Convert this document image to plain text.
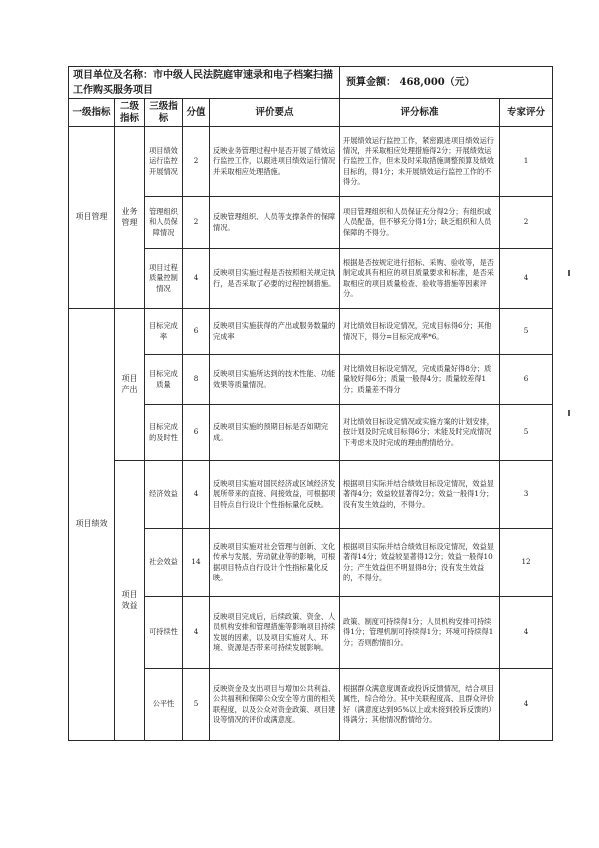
项目单位及名称：市中级人民法院庭审速录和电子档案扫描工作购买服务项目					预算金额： 468,000（元）	
一级指标	二级指标	三级指标	分值	评价要点	评分标准	专家评分
项目管理	业务管理	项目绩效运行监控开展情况	2	反映业务管理过程中是否开展了绩效运行监控工作，以跟进项目绩效运行情况并采取相应处理措施。	开展绩效运行监控工作，紧密跟进项目绩效运行情况，并采取相应处理措施得2分；开展绩效运行监控工作，但未及时采取措施调整预算及绩效目标的，得1分；未开展绩效运行监控工作的不得分。	1
		管理组织和人员保障情况	2	反映管理组织、人员等支撑条件的保障情况。	项目管理组织和人员保证充分得2分；有组织或人员配备，但不够充分得1分；缺乏组织和人员保障的不得分。	2
		项目过程质量控制情况	4	反映项目实施过程是否按照相关规定执行，是否采取了必要的过程控制措施。	根据是否按规定进行招标、采购、验收等，是否制定或具有相应的项目质量要求和标准，是否采取相应的项目质量检查、验收等措施等因素评分。	4
项目绩效	项目产出	目标完成率	6	反映项目实施获得的产出或服务数量的完成率	对比绩效目标设定情况，完成目标得6分；其他情况下，得分=目标完成率*6。	5
		目标完成质量	8	反映项目实施所达到的技术性能、功能效果等质量情况。	对比绩效目标设定情况，完成质量好得8分；质量较好得6分；质量一般得4分；质量较差得1分；质量差不得分	6
		目标完成的及时性	6	反映项目实施的预期目标是否如期完成。	对比绩效目标设定情况或实施方案的计划安排，按计划及时完成目标得6分；未能及时完成情况下考虑未及时完成的理由酌情给分。	5
	项目效益	经济效益	4	反映项目实施对国民经济或区域经济发展所带来的直接、间接效益，可根据项目特点自行设计个性指标量化反映。	根据项目实际并结合绩效目标设定情况，效益显著得4分；效益较显著得2分；效益一般得1分；没有发生效益的，不得分。	3
		社会效益	14	反映项目实施对社会管理与创新、文化传承与发展、劳动就业等的影响，可根据项目特点自行设计个性指标量化反映。	根据项目实际并结合绩效目标设定情况，效益显著得14分；效益较显著得12分；效益一般得10分；产生效益但不明显得8分；没有发生效益的，不得分。	12
		可持续性	4	反映项目完成后，后续政策、资金、人员机构安排和管理措施等影响项目持续发展的因素，以及项目实施对人、环境、资源是否带来可持续发展影响。	政策、制度可持续得1分；人员机构安排可持续得1分；管理机制可持续得1分；环境可持续得1分；否则酌情扣分。	4
		公平性	5	反映资金及支出项目与增加公共利益、公共福利和保障公众安全等方面的相关联程度，以及公众对资金政策、项目建设等情况的评价或满意度。	根据群众满意度调查或投诉反馈情况，结合项目属性，综合给分。其中关联程度高、且群众评价好（满意度达到95%以上或未接到投诉反馈的）得满分；其他情况酌情给分。	4
